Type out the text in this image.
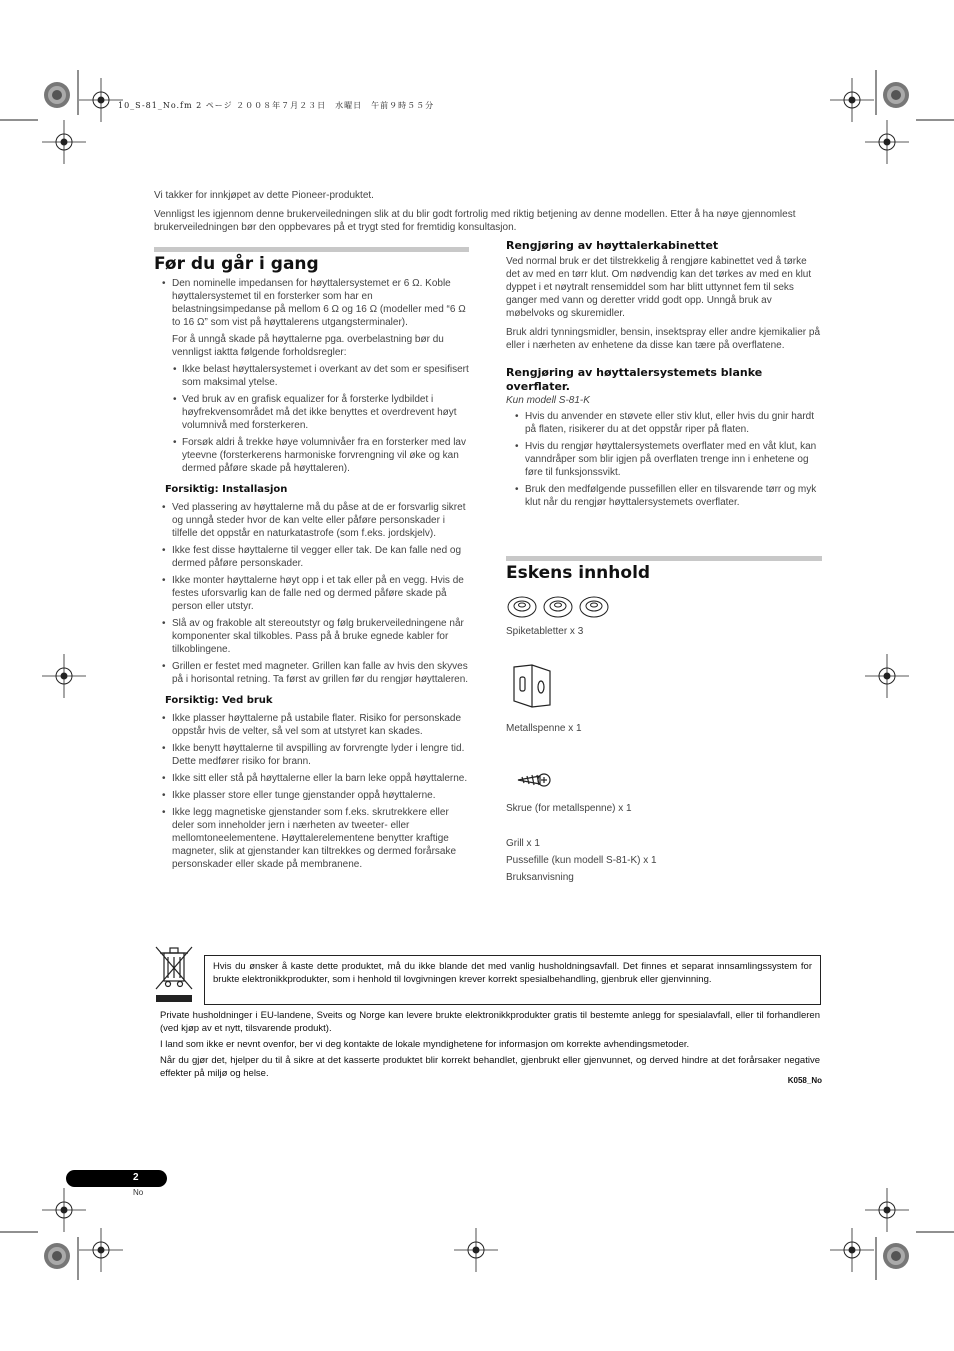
10_S-81_No.fm 2 ページ ２００８年７月２３日　水曜日　午前９時５５分

Vi takker for innkjøpet av dette Pioneer-produktet.

Vennligst les igjennom denne brukerveiledningen slik at du blir godt fortrolig med riktig betjening av denne modellen. Etter å ha nøye gjennomlest brukerveiledningen bør den oppbevares på et trygt sted for fremtidig konsultasjon.

Før du går i gang
• Den nominelle impedansen for høyttalersystemet er 6 Ω. Koble høyttalersystemet til en forsterker som har en belastningsimpedanse på mellom 6 Ω og 16 Ω (modeller med “6 Ω to 16 Ω” som vist på høyttalerens utgangsterminaler).
For å unngå skade på høyttalerne pga. overbelastning bør du vennligst iaktta følgende forholdsregler:
• Ikke belast høyttalersystemet i overkant av det som er spesifisert som maksimal ytelse.
• Ved bruk av en grafisk equalizer for å forsterke lydbildet i høyfrekvensområdet må det ikke benyttes et overdrevent høyt volumnivå med forsterkeren.
• Forsøk aldri å trekke høye volumnivåer fra en forsterker med lav yteevne (forsterkerens harmoniske forvrengning vil øke og kan dermed påføre skade på høyttaleren).
Forsiktig: Installasjon
• Ved plassering av høyttalerne må du påse at de er forsvarlig sikret og unngå steder hvor de kan velte eller påføre personskader i tilfelle det oppstår en naturkatastrofe (som f.eks. jordskjelv).
• Ikke fest disse høyttalerne til vegger eller tak. De kan falle ned og dermed påføre personskader.
• Ikke monter høyttalerne høyt opp i et tak eller på en vegg. Hvis de festes uforsvarlig kan de falle ned og dermed påføre skade på person eller utstyr.
• Slå av og frakoble alt stereoutstyr og følg brukerveiledningene når komponenter skal tilkobles. Pass på å bruke egnede kabler for tilkoblingene.
• Grillen er festet med magneter. Grillen kan falle av hvis den skyves på i horisontal retning. Ta først av grillen før du rengjør høyttaleren.
Forsiktig: Ved bruk
• Ikke plasser høyttalerne på ustabile flater. Risiko for personskade oppstår hvis de velter, så vel som at utstyret kan skades.
• Ikke benytt høyttalerne til avspilling av forvrengte lyder i lengre tid. Dette medfører risiko for brann.
• Ikke sitt eller stå på høyttalerne eller la barn leke oppå høyttalerne.
• Ikke plasser store eller tunge gjenstander oppå høyttalerne.
• Ikke legg magnetiske gjenstander som f.eks. skrutrekkere eller deler som inneholder jern i nærheten av tweeter- eller mellomtoneelementene. Høyttalerelementene benytter kraftige magneter, slik at gjenstander kan tiltrekkes og dermed forårsake personskader eller skade på membranene.
Rengjøring av høyttalerkabinettet

Ved normal bruk er det tilstrekkelig å rengjøre kabinettet ved å tørke det av med en tørr klut. Om nødvendig kan det tørkes av med en klut dyppet i et nøytralt rensemiddel som har blitt uttynnet fem til seks ganger med vann og deretter vridd godt opp. Unngå bruk av møbelvoks og skuremidler.

Bruk aldri tynningsmidler, bensin, insektspray eller andre kjemikalier på eller i nærheten av enhetene da disse kan tære på overflatene.

Rengjøring av høyttalersystemets blanke overflater.
Kun modell S-81-K
• Hvis du anvender en støvete eller stiv klut, eller hvis du gnir hardt på flaten, risikerer du at det oppstår riper på flaten.
• Hvis du rengjør høyttalersystemets overflater med en våt klut, kan vanndråper som blir igjen på overflaten trenge inn i enhetene og føre til funksjonssvikt.
• Bruk den medfølgende pussefillen eller en tilsvarende tørr og myk klut når du rengjør høyttalersystemets overflater.
Eskens innhold
Spiketabletter x 3
Metallspenne x 1
Skrue (for metallspenne) x 1
Grill x 1
Pussefille (kun modell S-81-K) x 1
Bruksanvisning
Hvis du ønsker å kaste dette produktet, må du ikke blande det med vanlig husholdningsavfall. Det finnes et separat innsamlingssystem for brukte elektronikkprodukter, som i henhold til lovgivningen krever korrekt spesialbehandling, gjenbruk eller gjenvinning.
Private husholdninger i EU-landene, Sveits og Norge kan levere brukte elektronikkprodukter gratis til bestemte anlegg for spesialavfall, eller til forhandleren (ved kjøp av et nytt, tilsvarende produkt).
I land som ikke er nevnt ovenfor, ber vi deg kontakte de lokale myndighetene for informasjon om korrekte avhendingsmetoder.
Når du gjør det, hjelper du til å sikre at det kasserte produktet blir korrekt behandlet, gjenbrukt eller gjenvunnet, og derved hindre at det forårsaker negative effekter på miljø og helse.
K058_No
2
No
